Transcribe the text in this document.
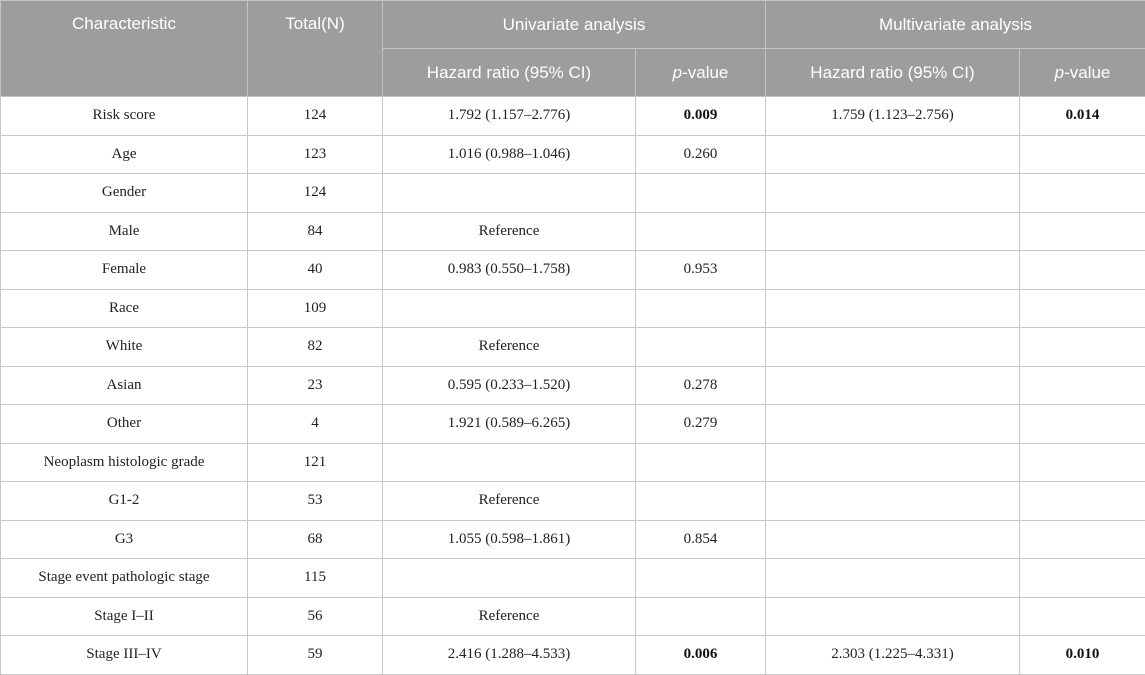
Characteristic	Total(N)	Univariate analysis		Multivariate analysis	
		Hazard ratio (95% CI)	p-value	Hazard ratio (95% CI)	p-value
Risk score	124	1.792 (1.157–2.776)	0.009	1.759 (1.123–2.756)	0.014
Age	123	1.016 (0.988–1.046)	0.260		
Gender	124				
Male	84	Reference			
Female	40	0.983 (0.550–1.758)	0.953		
Race	109				
White	82	Reference			
Asian	23	0.595 (0.233–1.520)	0.278		
Other	4	1.921 (0.589–6.265)	0.279		
Neoplasm histologic grade	121				
G1-2	53	Reference			
G3	68	1.055 (0.598–1.861)	0.854		
Stage event pathologic stage	115				
Stage I–II	56	Reference			
Stage III–IV	59	2.416 (1.288–4.533)	0.006	2.303 (1.225–4.331)	0.010
